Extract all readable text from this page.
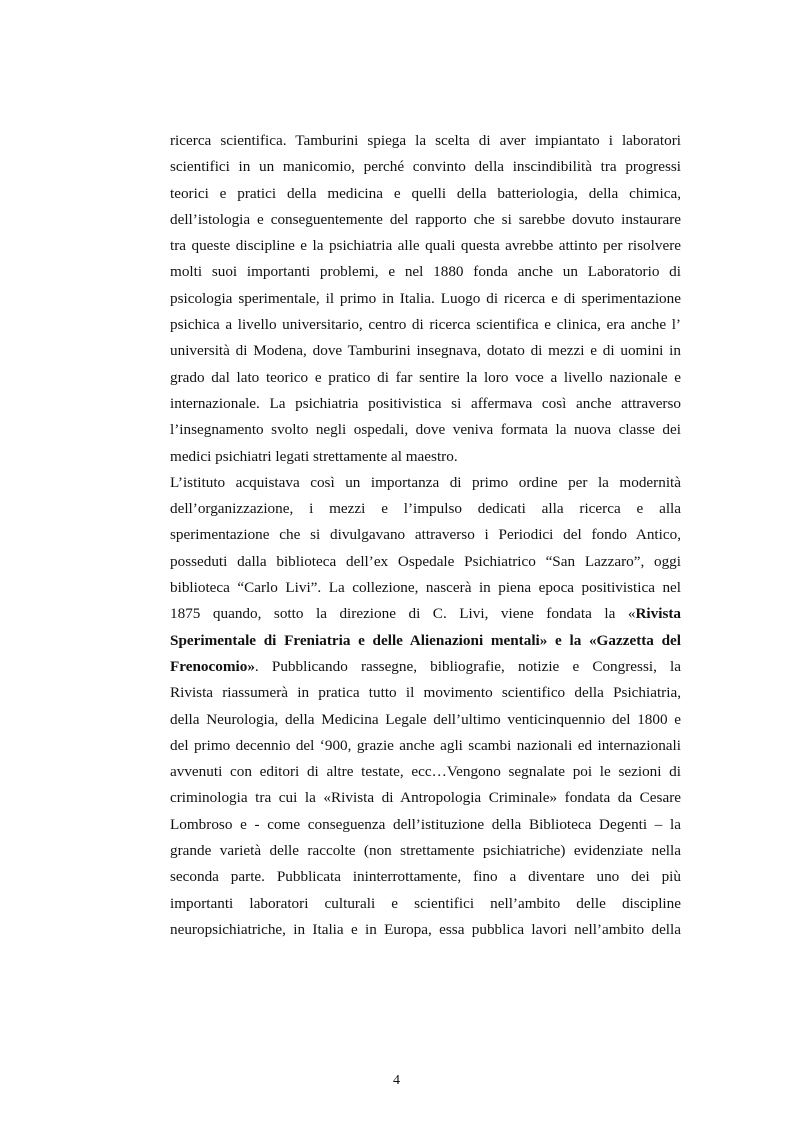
ricerca scientifica. Tamburini spiega la scelta di aver impiantato i laboratori
scientifici in un manicomio, perché convinto della inscindibilità tra progressi
teorici e pratici della medicina e quelli della batteriologia, della chimica,
dell’istologia e conseguentemente del rapporto che si sarebbe dovuto instaurare
tra queste discipline e la psichiatria alle quali questa avrebbe attinto per risolvere
molti suoi importanti problemi, e nel 1880 fonda anche un Laboratorio di
psicologia sperimentale, il primo in Italia. Luogo di ricerca e di sperimentazione
psichica a livello universitario, centro di ricerca scientifica e clinica, era anche l’
università di Modena, dove Tamburini insegnava, dotato di mezzi e di uomini in
grado dal lato teorico e pratico di far sentire la loro voce a livello nazionale e
internazionale. La psichiatria positivistica si affermava così anche attraverso
l’insegnamento svolto negli ospedali, dove veniva formata la nuova classe dei
medici psichiatri legati strettamente al maestro.
L’istituto acquistava così un importanza di primo ordine per la modernità
dell’organizzazione, i mezzi e l’impulso dedicati alla ricerca e alla
sperimentazione che si divulgavano attraverso i Periodici del fondo Antico,
posseduti dalla biblioteca dell’ex Ospedale Psichiatrico “San Lazzaro”, oggi
biblioteca “Carlo Livi”. La collezione, nascerà in piena epoca positivistica nel
1875 quando, sotto la direzione di C. Livi, viene fondata la «Rivista
Sperimentale di Freniatria e delle Alienazioni mentali» e la «Gazzetta del
Frenocomio». Pubblicando rassegne, bibliografie, notizie e Congressi, la
Rivista riassumerà in pratica tutto il movimento scientifico della Psichiatria,
della Neurologia, della Medicina Legale dell’ultimo venticinquennio del 1800 e
del primo decennio del ‘900, grazie anche agli scambi nazionali ed internazionali
avvenuti con editori di altre testate, ecc…Vengono segnalate poi le sezioni di
criminologia tra cui la «Rivista di Antropologia Criminale» fondata da Cesare
Lombroso e - come conseguenza dell’istituzione della Biblioteca Degenti – la
grande varietà delle raccolte (non strettamente psichiatriche) evidenziate nella
seconda parte. Pubblicata ininterrottamente, fino a diventare uno dei più
importanti laboratori culturali e scientifici nell’ambito delle discipline
neuropsichiatriche, in Italia e in Europa, essa pubblica lavori nell’ambito della
4
